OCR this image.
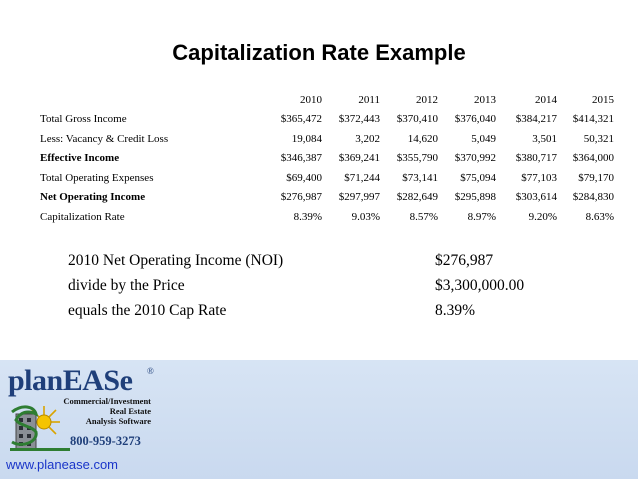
Capitalization Rate Example
	2010	2011	2012	2013	2014	2015
Total Gross Income	$365,472	$372,443	$370,410	$376,040	$384,217	$414,321
Less: Vacancy & Credit Loss	19,084	3,202	14,620	5,049	3,501	50,321
Effective Income	$346,387	$369,241	$355,790	$370,992	$380,717	$364,000
Total Operating Expenses	$69,400	$71,244	$73,141	$75,094	$77,103	$79,170
Net Operating Income	$276,987	$297,997	$282,649	$295,898	$303,614	$284,830
Capitalization Rate	8.39%	9.03%	8.57%	8.97%	9.20%	8.63%
2010 Net Operating Income (NOI)	$276,987
divide by the Price	$3,300,000.00
equals the 2010 Cap Rate	8.39%
planEASe ®
Commercial/Investment
Real Estate
Analysis Software
800-959-3273
www.planease.com
